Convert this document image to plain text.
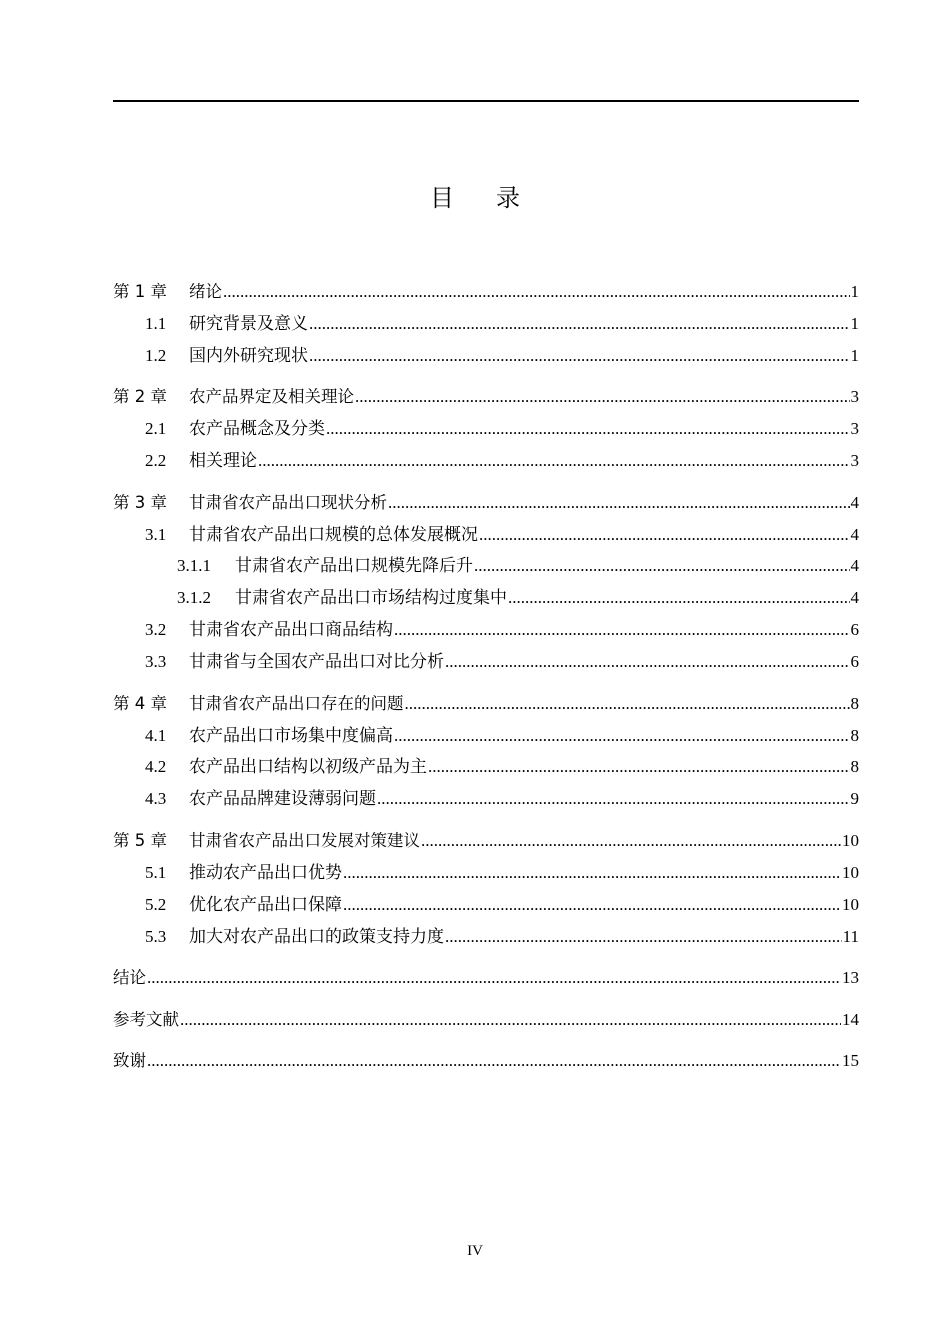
目 录
第 1 章	绪论 .....	1
1.1	研究背景及意义 .....	1
1.2	国内外研究现状 .....	1
第 2 章	农产品界定及相关理论 .....	3
2.1	农产品概念及分类 .....	3
2.2	相关理论 .....	3
第 3 章	甘肃省农产品出口现状分析 .....	4
3.1	甘肃省农产品出口规模的总体发展概况 .....	4
3.1.1	甘肃省农产品出口规模先降后升 .....	4
3.1.2	甘肃省农产品出口市场结构过度集中 .....	4
3.2	甘肃省农产品出口商品结构 .....	6
3.3	甘肃省与全国农产品出口对比分析 .....	6
第 4 章	甘肃省农产品出口存在的问题 .....	8
4.1	农产品出口市场集中度偏高 .....	8
4.2	农产品出口结构以初级产品为主 .....	8
4.3	农产品品牌建设薄弱问题 .....	9
第 5 章	甘肃省农产品出口发展对策建议 .....	10
5.1	推动农产品出口优势 .....	10
5.2	优化农产品出口保障 .....	10
5.3	加大对农产品出口的政策支持力度 .....	11
结论 .....	13
参考文献 .....	14
致谢 .....	15
IV
